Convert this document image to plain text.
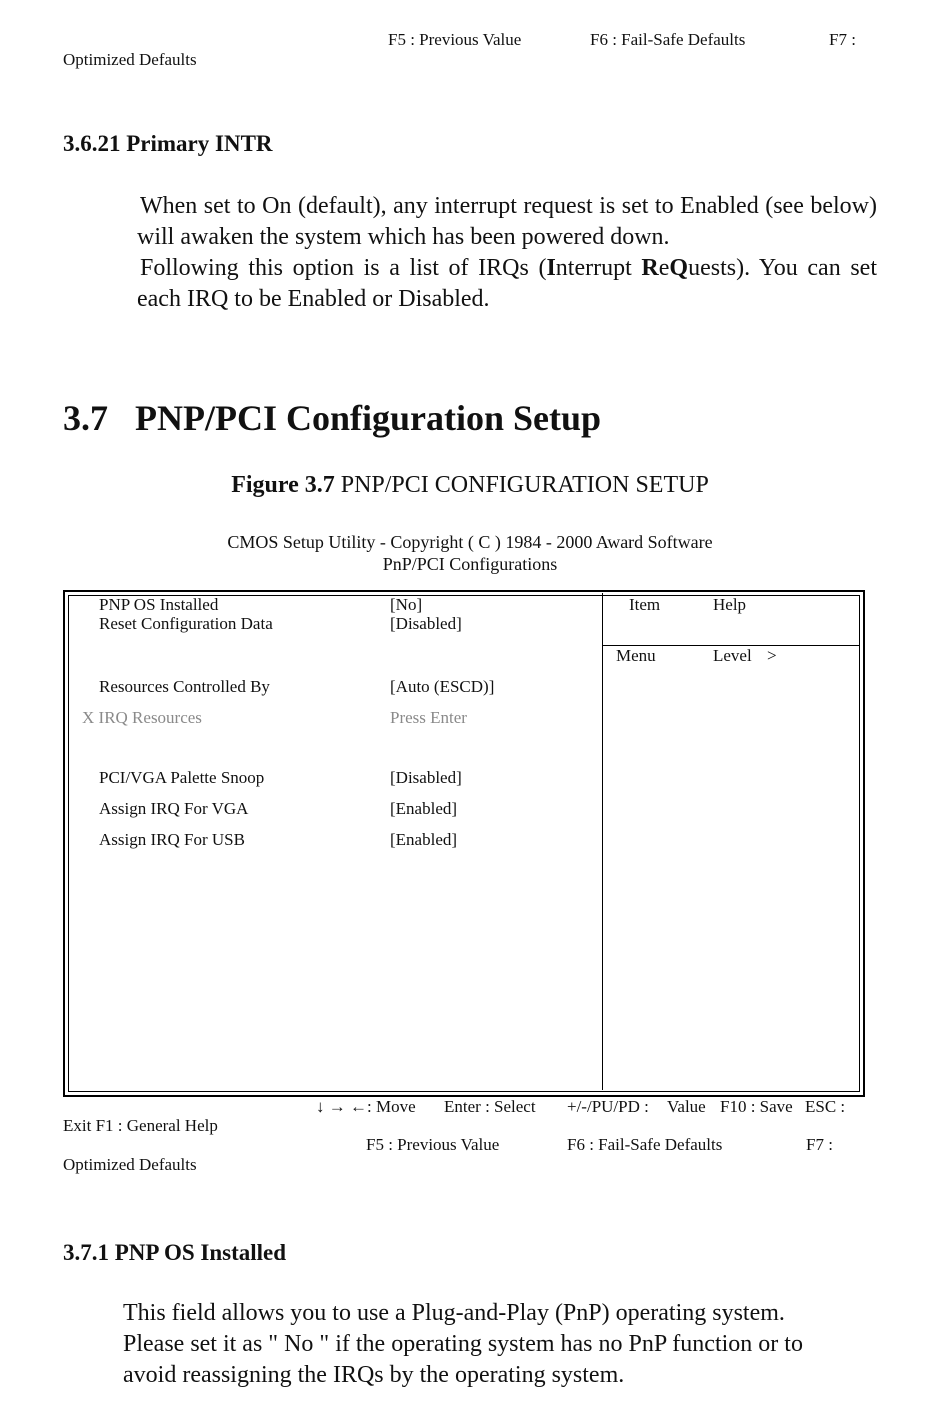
F5 : Previous Value	F6 : Fail-Safe Defaults	F7 :
Optimized Defaults
3.6.21 Primary INTR

When set to On (default), any interrupt request is set to Enabled (see below) will awaken the system which has been powered down.

Following this option is a list of IRQs (Interrupt ReQuests). You can set each IRQ to be Enabled or Disabled.

3.7 PNP/PCI Configuration Setup
Figure 3.7 PNP/PCI CONFIGURATION SETUP
CMOS Setup Utility - Copyright ( C ) 1984 - 2000 Award Software
PnP/PCI Configurations
PNP OS Installed	[No]
Reset Configuration Data	[Disabled]
Resources Controlled By	[Auto (ESCD)]
X IRQ Resources	Press Enter
PCI/VGA Palette Snoop	[Disabled]
Assign IRQ For VGA	[Enabled]
Assign IRQ For USB	[Enabled]
Item	Help
Menu	Level >
↓ → ←: Move Enter : Select +/-/PU/PD : Value F10 : Save ESC :
Exit F1 : General Help
F5 : Previous Value	F6 : Fail-Safe Defaults	F7 :
Optimized Defaults
3.7.1 PNP OS Installed
This field allows you to use a Plug-and-Play (PnP) operating system.
Please set it as " No " if the operating system has no PnP function or to
avoid reassigning the IRQs by the operating system.
